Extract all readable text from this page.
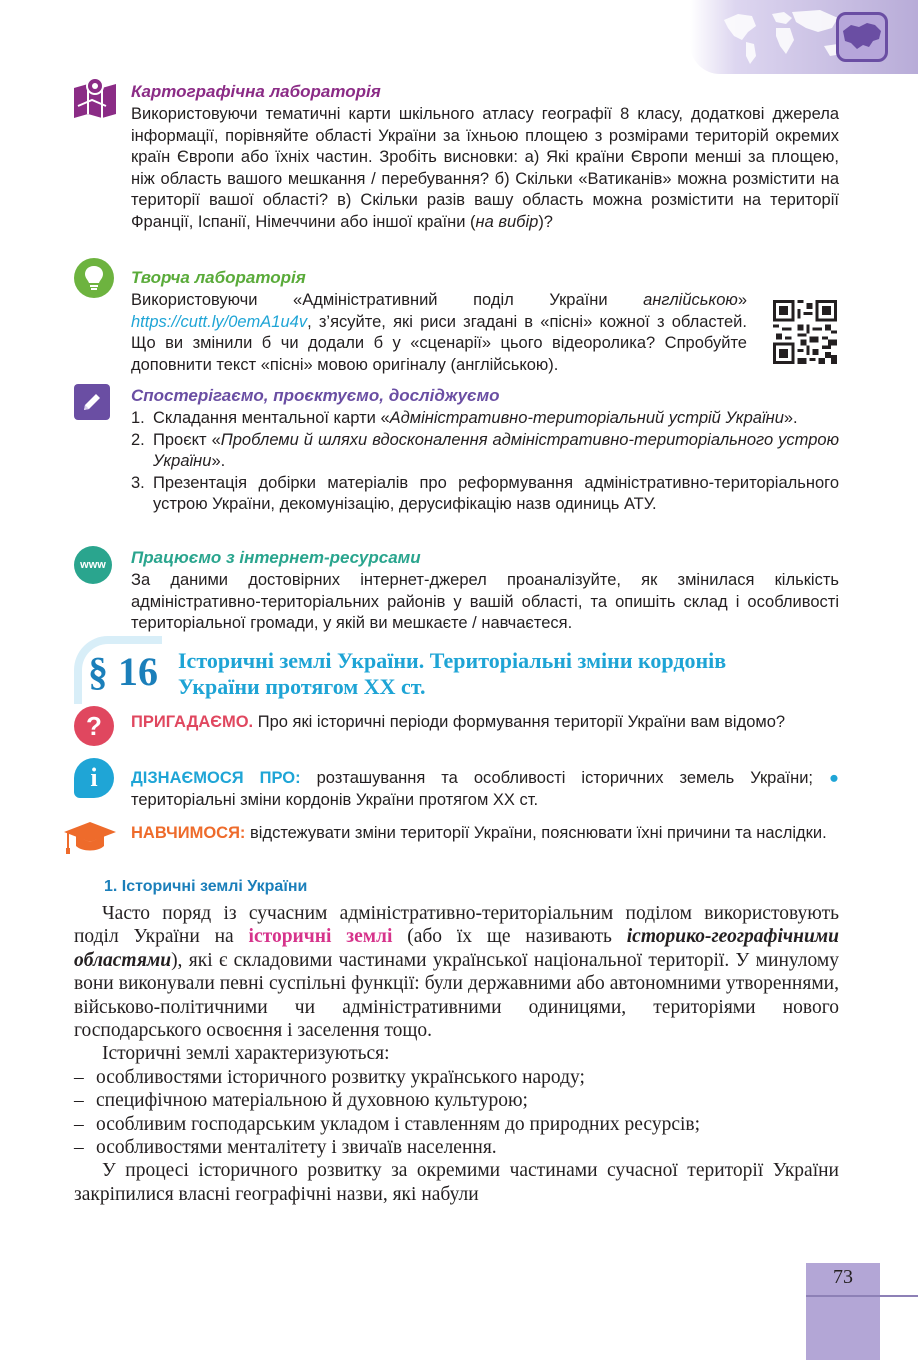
Картографічна лабораторія

Використовуючи тематичні карти шкільного атласу географії 8 класу, додаткові джерела інформації, порівняйте області України за їхньою площею з розмірами територій окремих країн Європи або їхніх частин. Зробіть висновки: а) Які країни Європи менші за площею, ніж область вашого мешкання / перебування? б) Скільки «Ватиканів» можна розмістити на території вашої області? в) Скільки разів вашу область можна розмістити на території Франції, Іспанії, Німеччини або іншої країни (на вибір)?

Творча лабораторія

Використовуючи «Адміністративний поділ України англійською» https://cutt.ly/0emA1u4v, з’ясуйте, які риси згадані в «пісні» кожної з областей. Що ви змінили б чи додали б у «сценарії» цього відеоролика? Спробуйте доповнити текст «пісні» мовою оригіналу (англійською).

Спостерігаємо, проєктуємо, досліджуємо
1. Складання ментальної карти «Адміністративно-територіальний устрій України».
2. Проєкт «Проблеми й шляхи вдосконалення адміністративно-територіального устрою України».
3. Презентація добірки матеріалів про реформування адміністративно-територіального устрою України, декомунізацію, дерусифікацію назв одиниць АТУ.
www	Працюємо з інтернет-ресурсами

За даними достовірних інтернет-джерел проаналізуйте, як змінилася кількість адміністративно-територіальних районів у вашій області, та опишіть склад і особливості територіальної громади, у якій ви мешкаєте / навчаєтеся.

§ 16 Історичні землі України. Територіальні зміни кордонів України протягом ХХ ст.
?	ПРИГАДАЄМО. Про які історичні періоди формування території України вам відомо?

i	ДІЗНАЄМОСЯ ПРО: розташування та особливості історичних земель України; ● територіальні зміни кордонів України протягом ХХ ст.

НАВЧИМОСЯ: відстежувати зміни території України, пояснювати їхні причини та наслідки.

1. Історичні землі України

Часто поряд із сучасним адміністративно-територіальним поділом використовують поділ України на історичні землі (або їх ще називають історико-географічними областями), які є складовими частинами української національної території. У минулому вони виконували певні суспільні функції: були державними або автономними утвореннями, військово-політичними чи адміністративними одиницями, територіями нового господарського освоєння і заселення тощо.

Історичні землі характеризуються:

– особливостями історичного розвитку українського народу;
– специфічною матеріальною й духовною культурою;
– особливим господарським укладом і ставленням до природних ресурсів;
– особливостями менталітету і звичаїв населення.

У процесі історичного розвитку за окремими частинами сучасної території України закріпилися власні географічні назви, які набули

73
